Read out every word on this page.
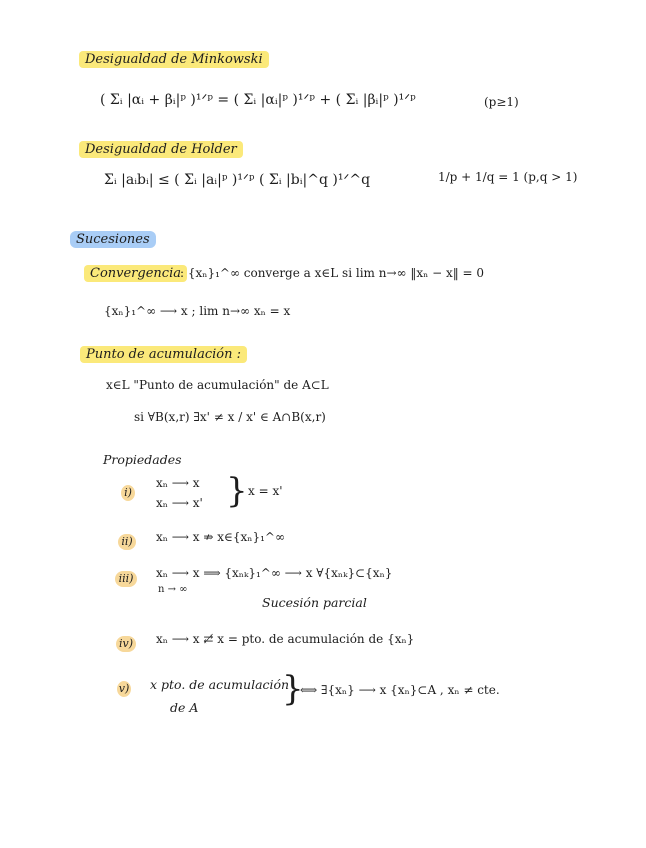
Desigualdad de Minkowski
( Σᵢ |αᵢ + βᵢ|ᵖ )¹ᐟᵖ = ( Σᵢ |αᵢ|ᵖ )¹ᐟᵖ + ( Σᵢ |βᵢ|ᵖ )¹ᐟᵖ	(p≥1)
Desigualdad de Holder
Σᵢ |aᵢbᵢ| ≤ ( Σᵢ |aᵢ|ᵖ )¹ᐟᵖ ( Σᵢ |bᵢ|^q )¹ᐟ^q	1/p + 1/q = 1 (p,q > 1)
Sucesiones
Convergencia : {xₙ}₁^∞ converge a x∈L si lim n→∞ ‖xₙ − x‖ = 0
{xₙ}₁^∞ ⟶ x ; lim n→∞ xₙ = x
Punto de acumulación :
x∈L "Punto de acumulación" de A⊂L
si ∀B(x,r) ∃x' ≠ x / x' ∈ A∩B(x,r)
Propiedades
i)
xₙ ⟶ x
xₙ ⟶ x' } x = x'
ii) xₙ ⟶ x ⇏ x∈{xₙ}₁^∞
iii) xₙ ⟶ x ⟹ {xₙₖ}₁^∞ ⟶ x ∀{xₙₖ}⊂{xₙ}
n → ∞
Sucesión parcial
iv) xₙ ⟶ x ⇄̸ x = pto. de acumulación de {xₙ}
v) x pto. de acumulación
de A }
⟺ ∃{xₙ} ⟶ x {xₙ}⊂A , xₙ ≠ cte.
